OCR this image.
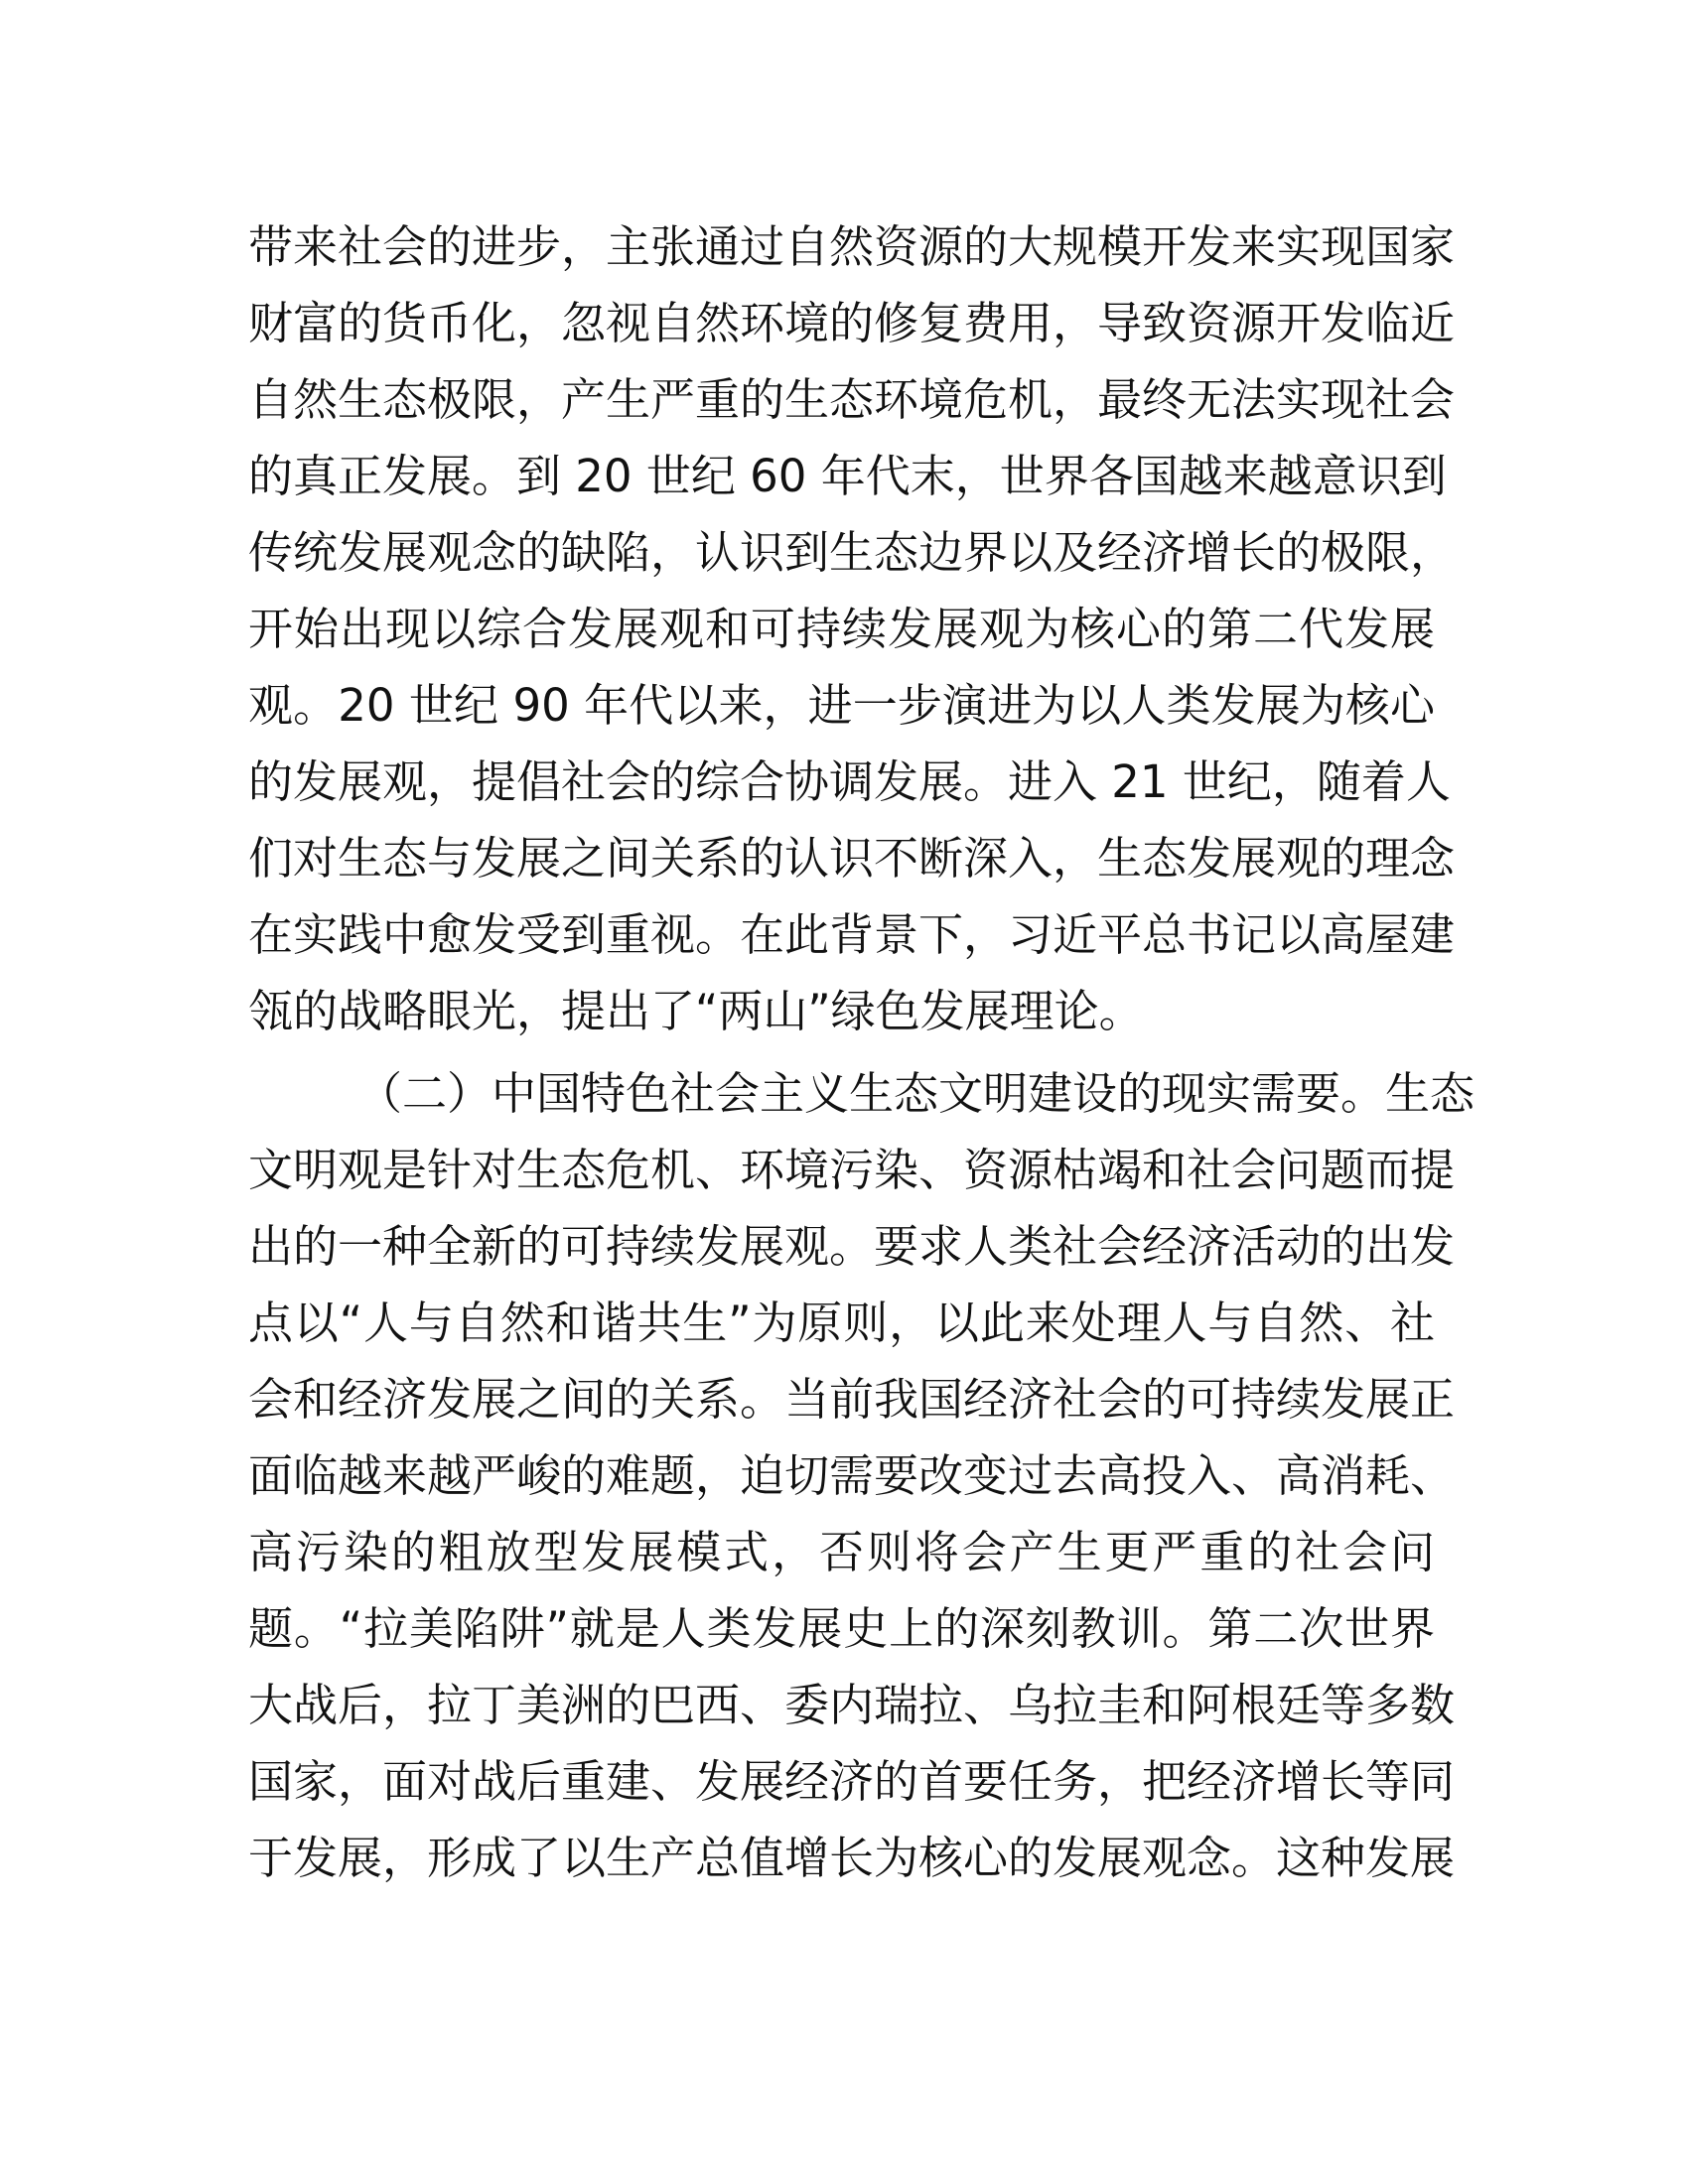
带来社会的进步，主张通过自然资源的大规模开发来实现国家
财富的货币化，忽视自然环境的修复费用，导致资源开发临近
自然生态极限，产生严重的生态环境危机，最终无法实现社会
的真正发展。到 20 世纪 60 年代末，世界各国越来越意识到
传统发展观念的缺陷，认识到生态边界以及经济增长的极限，
开始出现以综合发展观和可持续发展观为核心的第二代发展
观。20 世纪 90 年代以来，进一步演进为以人类发展为核心
的发展观，提倡社会的综合协调发展。进入 21 世纪，随着人
们对生态与发展之间关系的认识不断深入，生态发展观的理念
在实践中愈发受到重视。在此背景下，习近平总书记以高屋建
瓴的战略眼光，提出了“两山”绿色发展理论。
（二）中国特色社会主义生态文明建设的现实需要。生态
文明观是针对生态危机、环境污染、资源枯竭和社会问题而提
出的一种全新的可持续发展观。要求人类社会经济活动的出发
点以“人与自然和谐共生”为原则，以此来处理人与自然、社
会和经济发展之间的关系。当前我国经济社会的可持续发展正
面临越来越严峻的难题，迫切需要改变过去高投入、高消耗、
高污染的粗放型发展模式，否则将会产生更严重的社会问
题。“拉美陷阱”就是人类发展史上的深刻教训。第二次世界
大战后，拉丁美洲的巴西、委内瑞拉、乌拉圭和阿根廷等多数
国家，面对战后重建、发展经济的首要任务，把经济增长等同
于发展，形成了以生产总值增长为核心的发展观念。这种发展
